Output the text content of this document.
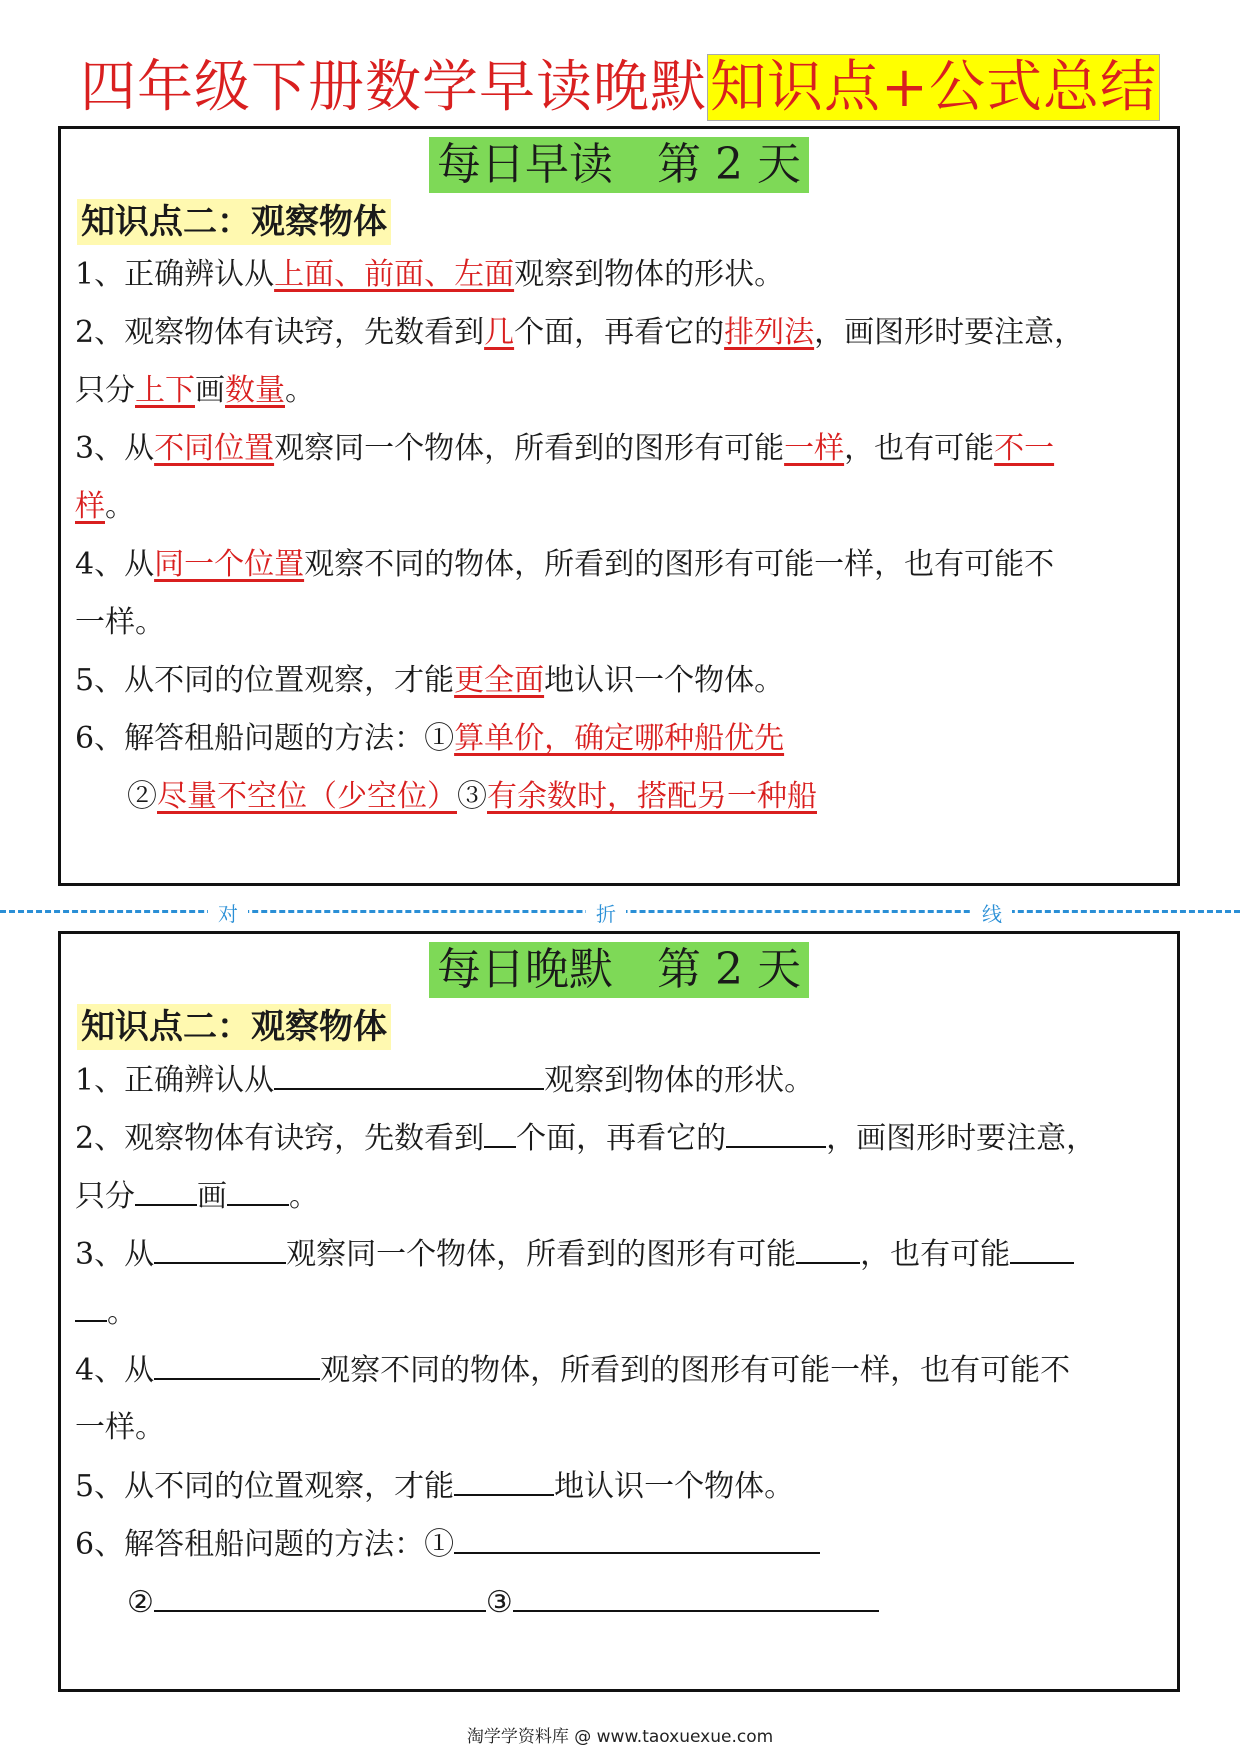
四年级下册数学早读晚默知识点+公式总结
每日早读　第 2 天
知识点二：观察物体
1、正确辨认从上面、前面、左面观察到物体的形状。
2、观察物体有诀窍，先数看到几个面，再看它的排列法，画图形时要注意，
只分上下画数量。
3、从不同位置观察同一个物体，所看到的图形有可能一样，也有可能不一
样。
4、从同一个位置观察不同的物体，所看到的图形有可能一样，也有可能不
一样。
5、从不同的位置观察，才能更全面地认识一个物体。
6、解答租船问题的方法：①算单价，确定哪种船优先
②尽量不空位（少空位）③有余数时，搭配另一种船
对	折	线
每日晚默　第 2 天
知识点二：观察物体
1、正确辨认从	观察到物体的形状。
2、观察物体有诀窍，先数看到 个面，再看它的	，画图形时要注意，
只分 画 。
3、从	观察同一个物体，所看到的图形有可能 ，也有可能
。
4、从	观察不同的物体，所看到的图形有可能一样，也有可能不
一样。
5、从不同的位置观察，才能	地认识一个物体。
6、解答租船问题的方法：①
②	③
淘学学资料库 @ www.taoxuexue.com
